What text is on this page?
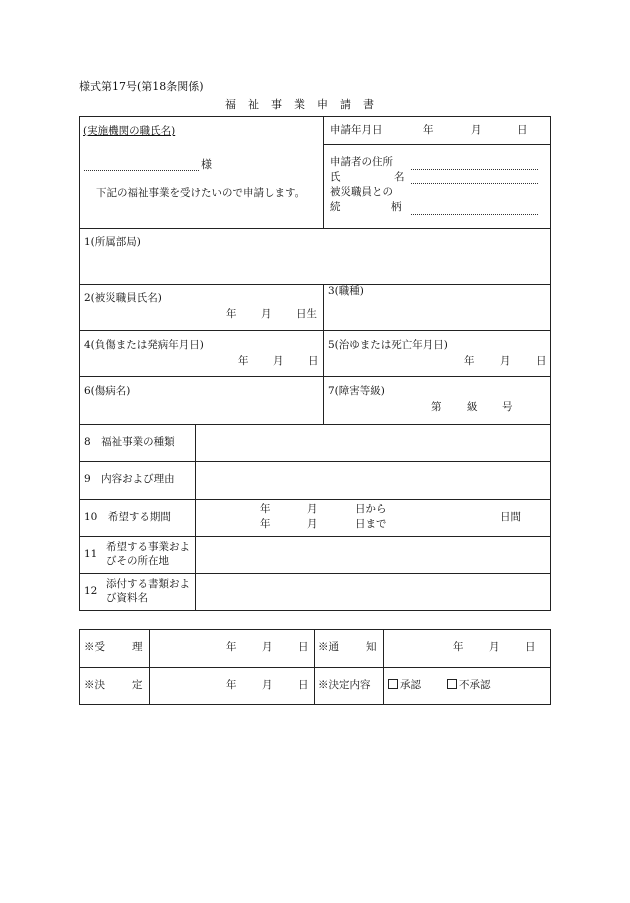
様式第17号(第18条関係)
福祉事業申請書
(実施機関の職氏名)
様
下記の福祉事業を受けたいので申請します。
申請年月日	年	月	日
申請者の住所
氏	名
被災職員との
続	柄
1(所属部局)
2(被災職員氏名)
年 月 日生
3(職種)
4(負傷または発病年月日)
年 月 日
5(治ゆまたは死亡年月日)
年 月 日
6(傷病名)	7(障害等級)
第 級 号
8　福祉事業の種類
9　内容および理由
10　希望する期間
年	月	日から
年	月	日まで
日間
11
希望する事業およびその所在地
12
添付する書類および資料名
※受	理	年 月 日 ※通	知	年 月 日
※決	定	年 月 日 ※決定内容	承認	不承認
